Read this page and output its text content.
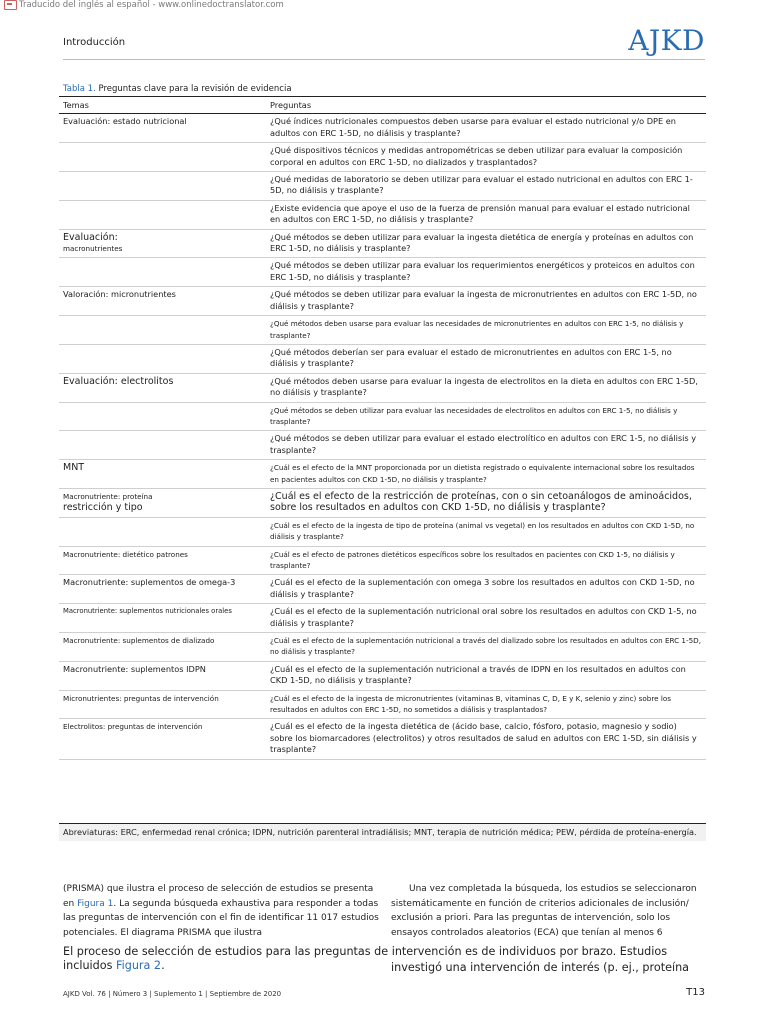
Traducido del inglés al español - www.onlinedoctranslator.com
Introducción	AJKD
Tabla 1. Preguntas clave para la revisión de evidencia
Temas	Preguntas
Evaluación: estado nutricional	¿Qué índices nutricionales compuestos deben usarse para evaluar el estado nutricional y/o DPE en adultos con ERC 1-5D, no diálisis y trasplante?
	¿Qué dispositivos técnicos y medidas antropométricas se deben utilizar para evaluar la composición corporal en adultos con ERC 1-5D, no dializados y trasplantados?
	¿Qué medidas de laboratorio se deben utilizar para evaluar el estado nutricional en adultos con ERC 1-5D, no diálisis y trasplante?
	¿Existe evidencia que apoye el uso de la fuerza de prensión manual para evaluar el estado nutricional en adultos con ERC 1-5D, no diálisis y trasplante?
Evaluación:
macronutrientes	¿Qué métodos se deben utilizar para evaluar la ingesta dietética de energía y proteínas en adultos con ERC 1-5D, no diálisis y trasplante?
	¿Qué métodos se deben utilizar para evaluar los requerimientos energéticos y proteicos en adultos con ERC 1-5D, no diálisis y trasplante?
Valoración: micronutrientes	¿Qué métodos se deben utilizar para evaluar la ingesta de micronutrientes en adultos con ERC 1-5D, no diálisis y trasplante?
	¿Qué métodos deben usarse para evaluar las necesidades de micronutrientes en adultos con ERC 1-5, no diálisis y trasplante?
	¿Qué métodos deberían ser para evaluar el estado de micronutrientes en adultos con ERC 1-5, no diálisis y trasplante?
Evaluación: electrolitos	¿Qué métodos deben usarse para evaluar la ingesta de electrolitos en la dieta en adultos con ERC 1-5D, no diálisis y trasplante?
	¿Qué métodos se deben utilizar para evaluar las necesidades de electrolitos en adultos con ERC 1-5, no diálisis y trasplante?
	¿Qué métodos se deben utilizar para evaluar el estado electrolítico en adultos con ERC 1-5, no diálisis y trasplante?
MNT	¿Cuál es el efecto de la MNT proporcionada por un dietista registrado o equivalente internacional sobre los resultados en pacientes adultos con CKD 1-5D, no diálisis y trasplante?
Macronutriente: proteína
restricción y tipo	¿Cuál es el efecto de la restricción de proteínas, con o sin cetoanálogos de aminoácidos, sobre los resultados en adultos con CKD 1-5D, no diálisis y trasplante?
	¿Cuál es el efecto de la ingesta de tipo de proteína (animal vs vegetal) en los resultados en adultos con CKD 1-5D, no diálisis y trasplante?
Macronutriente: dietético patrones	¿Cuál es el efecto de patrones dietéticos específicos sobre los resultados en pacientes con CKD 1-5, no diálisis y trasplante?
Macronutriente: suplementos de omega-3	¿Cuál es el efecto de la suplementación con omega 3 sobre los resultados en adultos con CKD 1-5D, no diálisis y trasplante?
Macronutriente: suplementos nutricionales orales	¿Cuál es el efecto de la suplementación nutricional oral sobre los resultados en adultos con CKD 1-5, no diálisis y trasplante?
Macronutriente: suplementos de dializado	¿Cuál es el efecto de la suplementación nutricional a través del dializado sobre los resultados en adultos con ERC 1-5D, no diálisis y trasplante?
Macronutriente: suplementos IDPN	¿Cuál es el efecto de la suplementación nutricional a través de IDPN en los resultados en adultos con CKD 1-5D, no diálisis y trasplante?
Micronutrientes: preguntas de intervención	¿Cuál es el efecto de la ingesta de micronutrientes (vitaminas B, vitaminas C, D, E y K, selenio y zinc) sobre los resultados en adultos con ERC 1-5D, no sometidos a diálisis y trasplantados?
Electrolitos: preguntas de intervención	¿Cuál es el efecto de la ingesta dietética de (ácido base, calcio, fósforo, potasio, magnesio y sodio) sobre los biomarcadores (electrolitos) y otros resultados de salud en adultos con ERC 1-5D, sin diálisis y trasplante?
Abreviaturas: ERC, enfermedad renal crónica; IDPN, nutrición parenteral intradiálisis; MNT, terapia de nutrición médica; PEW, pérdida de proteína-energía.
(PRISMA) que ilustra el proceso de selección de estudios se presenta en Figura 1. La segunda búsqueda exhaustiva para responder a todas las preguntas de intervención con el fin de identificar 11 017 estudios potenciales. El diagrama PRISMA que ilustra
Una vez completada la búsqueda, los estudios se seleccionaron sistemáticamente en función de criterios adicionales de inclusión/ exclusión a priori. Para las preguntas de intervención, solo los ensayos controlados aleatorios (ECA) que tenían al menos 6
El proceso de selección de estudios para las preguntas de intervención es de individuos por brazo. Estudios incluidos Figura 2.	investigó una intervención de interés (p. ej., proteína
AJKD Vol. 76 | Número 3 | Suplemento 1 | Septiembre de 2020	T13
